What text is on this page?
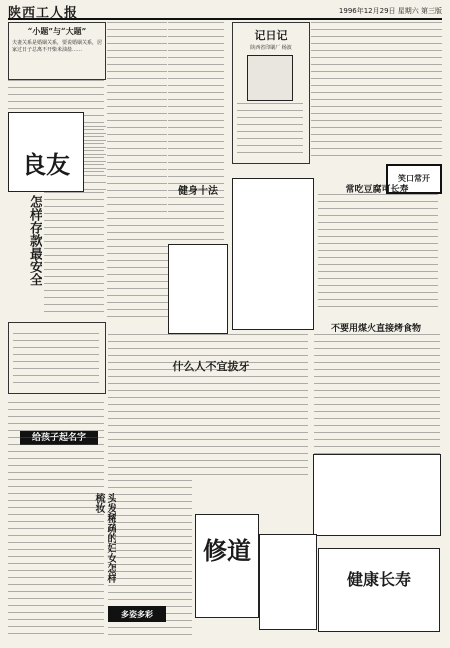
陕西工人报	1996年12月29日 星期六 第三版
“小题”与“大题”
夫妻关系是婚姻关系，要说婚姻关系，居家过日子总离不开柴米油盐……
良友
怎样存款最安全
健身十法
记日记
陕西省印刷厂 杨波
笑口常开
常吃豆腐可长寿
不要用煤火直接烤食物
什么人不宜拔牙
给孩子起名字
头发稀疏的妇女怎样梳妆
多姿多彩
修道
健康长寿
